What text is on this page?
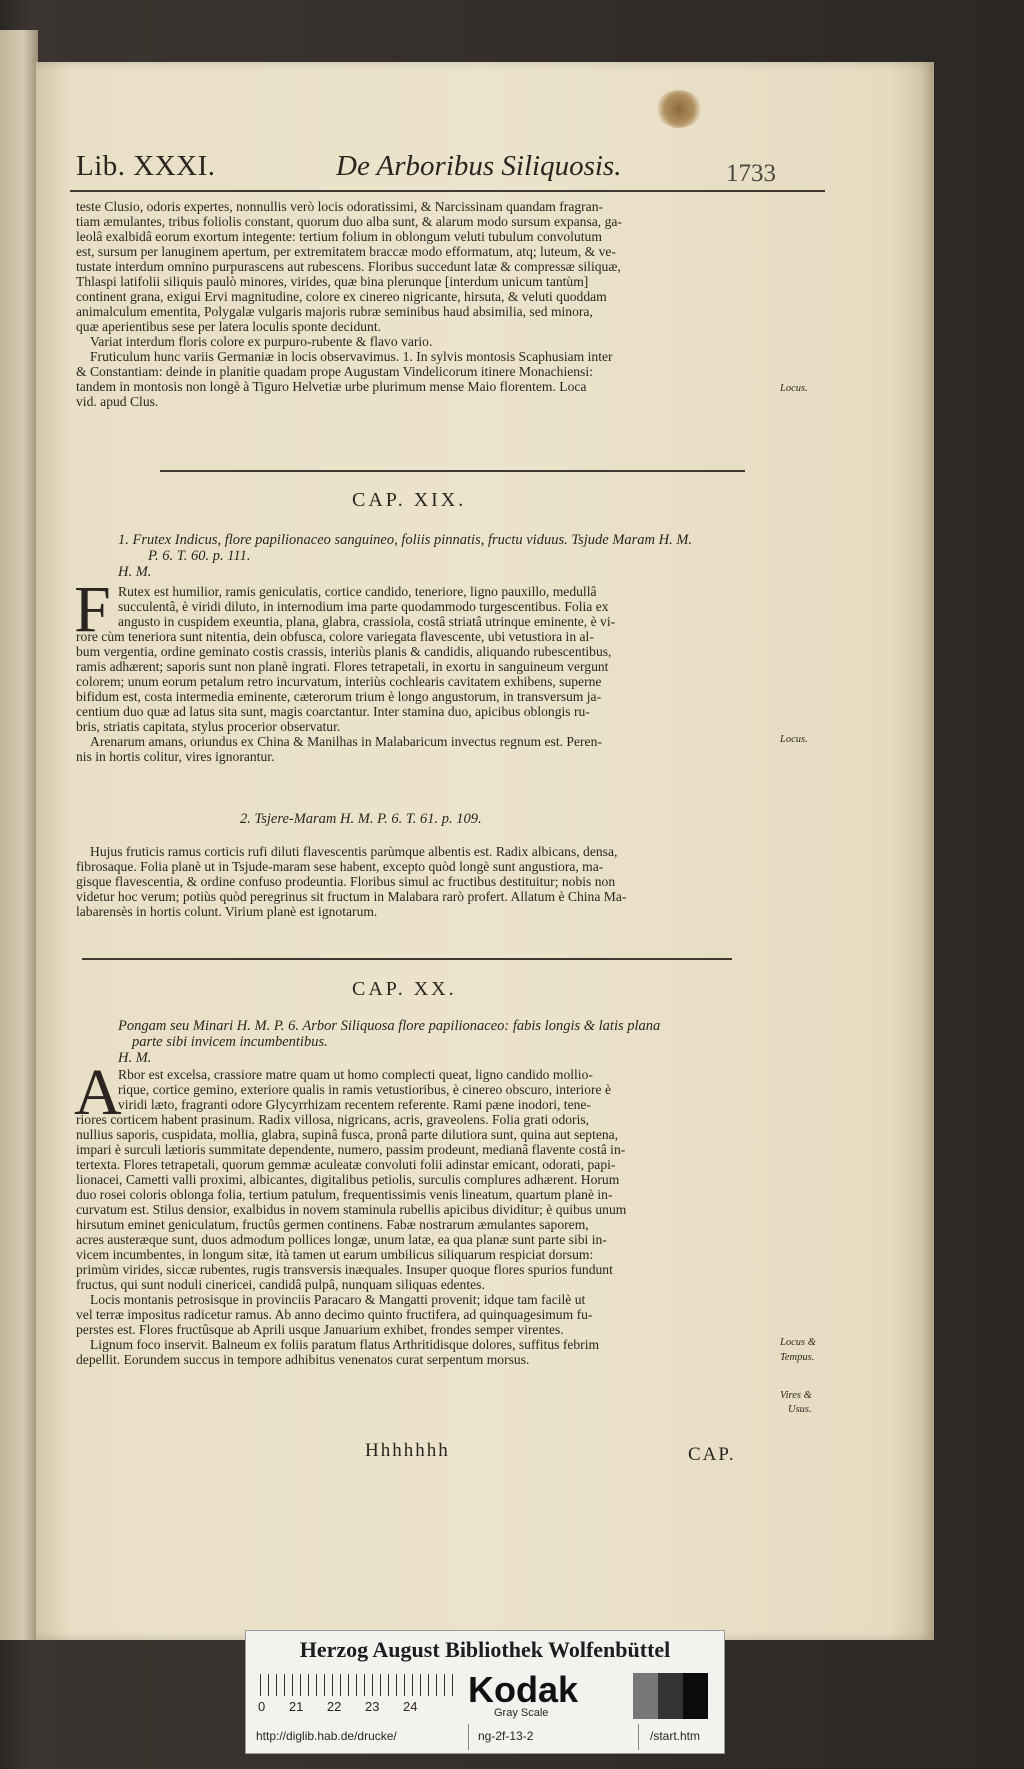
Lib. XXXI.	De Arboribus Siliquosis.	1733
teste Clusio, odoris expertes, nonnullis verò locis odoratissimi, & Narcissinam quandam fragran-
tiam æmulantes, tribus foliolis constant, quorum duo alba sunt, & alarum modo sursum expansa, ga-
leolâ exalbidâ eorum exortum integente: tertium folium in oblongum veluti tubulum convolutum
est, sursum per lanuginem apertum, per extremitatem braccæ modo efformatum, atq; luteum, & ve-
tustate interdum omnino purpurascens aut rubescens. Floribus succedunt latæ & compressæ siliquæ,
Thlaspi latifolii siliquis paulò minores, virides, quæ bina plerunque [interdum unicum tantùm]
continent grana, exigui Ervi magnitudine, colore ex cinereo nigricante, hirsuta, & veluti quoddam
animalculum ementita, Polygalæ vulgaris majoris rubræ seminibus haud absimilia, sed minora,
quæ aperientibus sese per latera loculis sponte decidunt.
Variat interdum floris colore ex purpuro-rubente & flavo vario.
Fruticulum hunc variis Germaniæ in locis observavimus. 1. In sylvis montosis Scaphusiam inter
& Constantiam: deinde in planitie quadam prope Augustam Vindelicorum itinere Monachiensi:
tandem in montosis non longè à Tiguro Helvetiæ urbe plurimum mense Maio florentem. Loca
vid. apud Clus.
Locus.
CAP. XIX.
1. Frutex Indicus, flore papilionaceo sanguineo, foliis pinnatis, fructu viduus. Tsjude Maram H. M.
P. 6. T. 60. p. 111.
H. M.
F Rutex est humilior, ramis geniculatis, cortice candido, teneriore, ligno pauxillo, medullâ
succulentâ, è viridi diluto, in internodium ima parte quodammodo turgescentibus. Folia ex
angusto in cuspidem exeuntia, plana, glabra, crassiola, costâ striatâ utrinque eminente, è vi-
rore cùm teneriora sunt nitentia, dein obfusca, colore variegata flavescente, ubi vetustiora in al-
bum vergentia, ordine geminato costis crassis, interiùs planis & candidis, aliquando rubescentibus,
ramis adhærent; saporis sunt non planè ingrati. Flores tetrapetali, in exortu in sanguineum vergunt
colorem; unum eorum petalum retro incurvatum, interiùs cochlearis cavitatem exhibens, superne
bifidum est, costa intermedia eminente, cæterorum trium è longo angustorum, in transversum ja-
centium duo quæ ad latus sita sunt, magis coarctantur. Inter stamina duo, apicibus oblongis ru-
bris, striatis capitata, stylus procerior observatur.
Arenarum amans, oriundus ex China & Manilhas in Malabaricum invectus regnum est. Peren-
nis in hortis colitur, vires ignorantur.
Locus.
2. Tsjere-Maram H. M. P. 6. T. 61. p. 109.
Hujus fruticis ramus corticis rufi diluti flavescentis parùmque albentis est. Radix albicans, densa,
fibrosaque. Folia planè ut in Tsjude-maram sese habent, excepto quòd longè sunt angustiora, ma-
gisque flavescentia, & ordine confuso prodeuntia. Floribus simul ac fructibus destituitur; nobis non
videtur hoc verum; potiùs quòd peregrinus sit fructum in Malabara rarò profert. Allatum è China Ma-
labarensès in hortis colunt. Virium planè est ignotarum.
CAP. XX.
Pongam seu Minari H. M. P. 6. Arbor Siliquosa flore papilionaceo: fabis longis & latis plana
parte sibi invicem incumbentibus.
H. M.
A
Rbor est excelsa, crassiore matre quam ut homo complecti queat, ligno candido mollio-
rique, cortice gemino, exteriore qualis in ramis vetustioribus, è cinereo obscuro, interiore è
viridi læto, fragranti odore Glycyrrhizam recentem referente. Rami pæne inodori, tene-
riores corticem habent prasinum. Radix villosa, nigricans, acris, graveolens. Folia grati odoris,
nullius saporis, cuspidata, mollia, glabra, supinâ fusca, pronâ parte dilutiora sunt, quina aut septena,
impari è surculi lætioris summitate dependente, numero, passim prodeunt, medianâ flavente costâ in-
tertexta. Flores tetrapetali, quorum gemmæ aculeatæ convoluti folii adinstar emicant, odorati, papi-
lionacei, Cametti valli proximi, albicantes, digitalibus petiolis, surculis complures adhærent. Horum
duo rosei coloris oblonga folia, tertium patulum, frequentissimis venis lineatum, quartum planè in-
curvatum est. Stilus densior, exalbidus in novem staminula rubellis apicibus dividitur; è quibus unum
hirsutum eminet geniculatum, fructûs germen continens. Fabæ nostrarum æmulantes saporem,
acres austeræque sunt, duos admodum pollices longæ, unum latæ, ea qua planæ sunt parte sibi in-
vicem incumbentes, in longum sitæ, ità tamen ut earum umbilicus siliquarum respiciat dorsum:
primùm virides, siccæ rubentes, rugis transversis inæquales. Insuper quoque flores spurios fundunt
fructus, qui sunt noduli cinericei, candidâ pulpâ, nunquam siliquas edentes.
Locis montanis petrosisque in provinciis Paracaro & Mangatti provenit; idque tam facilè ut
vel terræ impositus radicetur ramus. Ab anno decimo quinto fructifera, ad quinquagesimum fu-
perstes est. Flores fructûsque ab Aprili usque Januarium exhibet, frondes semper virentes.
Lignum foco inservit. Balneum ex foliis paratum flatus Arthritidisque dolores, suffitus febrim
depellit. Eorundem succus in tempore adhibitus venenatos curat serpentum morsus.
Locus &
Tempus.
Vires &
Usus.
Hhhhhhh	CAP.
Herzog August Bibliothek Wolfenbüttel
Kodak
Gray Scale
0 21 22 23 24
http://diglib.hab.de/drucke/	ng-2f-13-2	/start.htm
